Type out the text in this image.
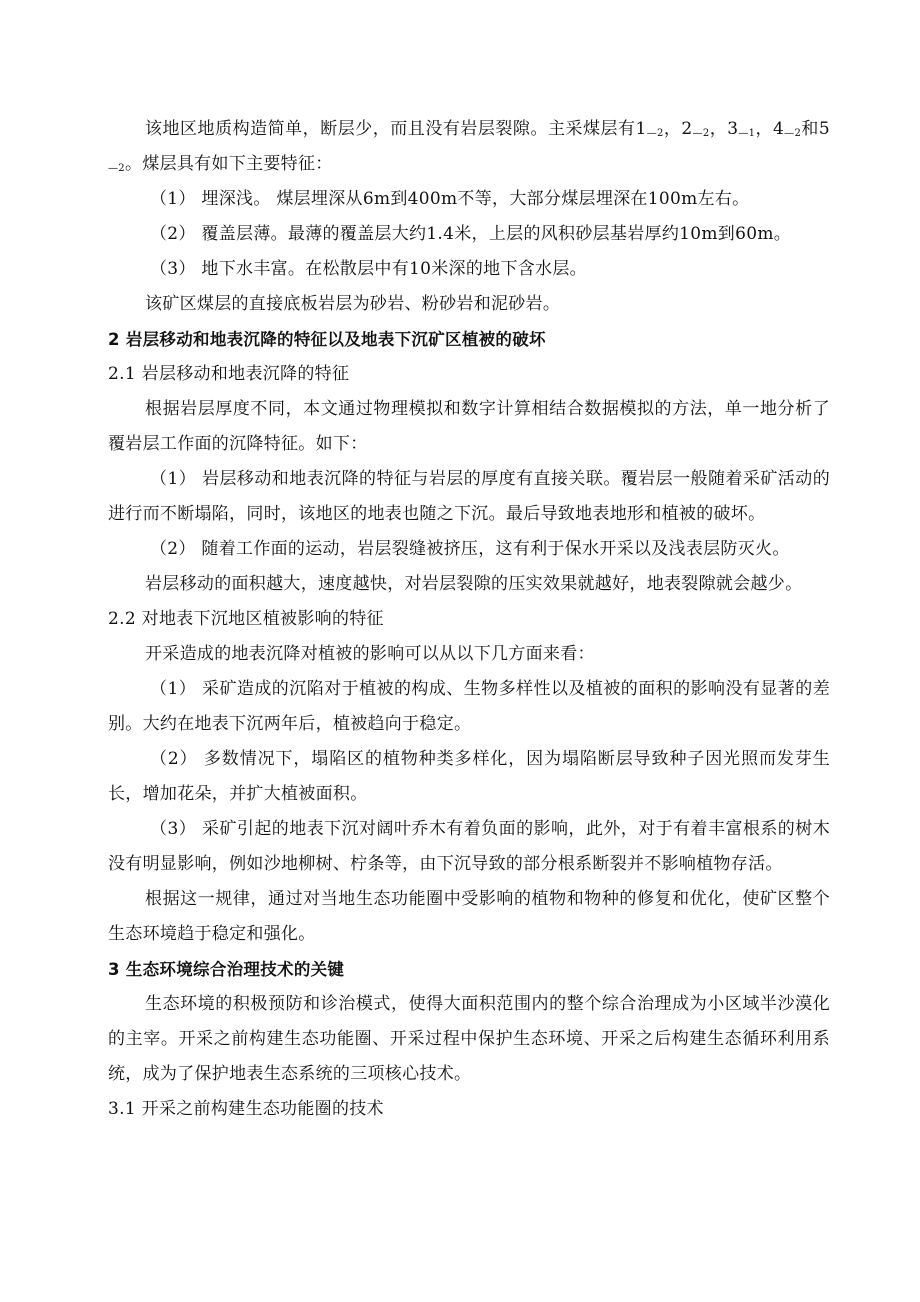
该地区地质构造简单，断层少，而且没有岩层裂隙。主采煤层有$1_{—2}$，$2_{—2}$，$3_{—1}$，$4_{—2}$和$5_{—2}$。煤层具有如下主要特征：

（1） 埋深浅。 煤层埋深从6m到400m不等，大部分煤层埋深在100m左右。

（2） 覆盖层薄。最薄的覆盖层大约1.4米，上层的风积砂层基岩厚约10m到60m。

（3） 地下水丰富。在松散层中有10米深的地下含水层。

该矿区煤层的直接底板岩层为砂岩、粉砂岩和泥砂岩。

2 岩层移动和地表沉降的特征以及地表下沉矿区植被的破坏

2.1 岩层移动和地表沉降的特征

根据岩层厚度不同，本文通过物理模拟和数字计算相结合数据模拟的方法，单一地分析了覆岩层工作面的沉降特征。如下：

（1） 岩层移动和地表沉降的特征与岩层的厚度有直接关联。覆岩层一般随着采矿活动的进行而不断塌陷，同时，该地区的地表也随之下沉。最后导致地表地形和植被的破坏。

（2） 随着工作面的运动，岩层裂缝被挤压，这有利于保水开采以及浅表层防灭火。

岩层移动的面积越大，速度越快，对岩层裂隙的压实效果就越好，地表裂隙就会越少。

2.2 对地表下沉地区植被影响的特征

开采造成的地表沉降对植被的影响可以从以下几方面来看：

（1） 采矿造成的沉陷对于植被的构成、生物多样性以及植被的面积的影响没有显著的差别。大约在地表下沉两年后，植被趋向于稳定。

（2） 多数情况下，塌陷区的植物种类多样化，因为塌陷断层导致种子因光照而发芽生长，增加花朵，并扩大植被面积。

（3） 采矿引起的地表下沉对阔叶乔木有着负面的影响，此外，对于有着丰富根系的树木没有明显影响，例如沙地柳树、柠条等，由下沉导致的部分根系断裂并不影响植物存活。

根据这一规律，通过对当地生态功能圈中受影响的植物和物种的修复和优化，使矿区整个生态环境趋于稳定和强化。

3 生态环境综合治理技术的关键

生态环境的积极预防和诊治模式，使得大面积范围内的整个综合治理成为小区域半沙漠化的主宰。开采之前构建生态功能圈、开采过程中保护生态环境、开采之后构建生态循环利用系统，成为了保护地表生态系统的三项核心技术。

3.1 开采之前构建生态功能圈的技术
